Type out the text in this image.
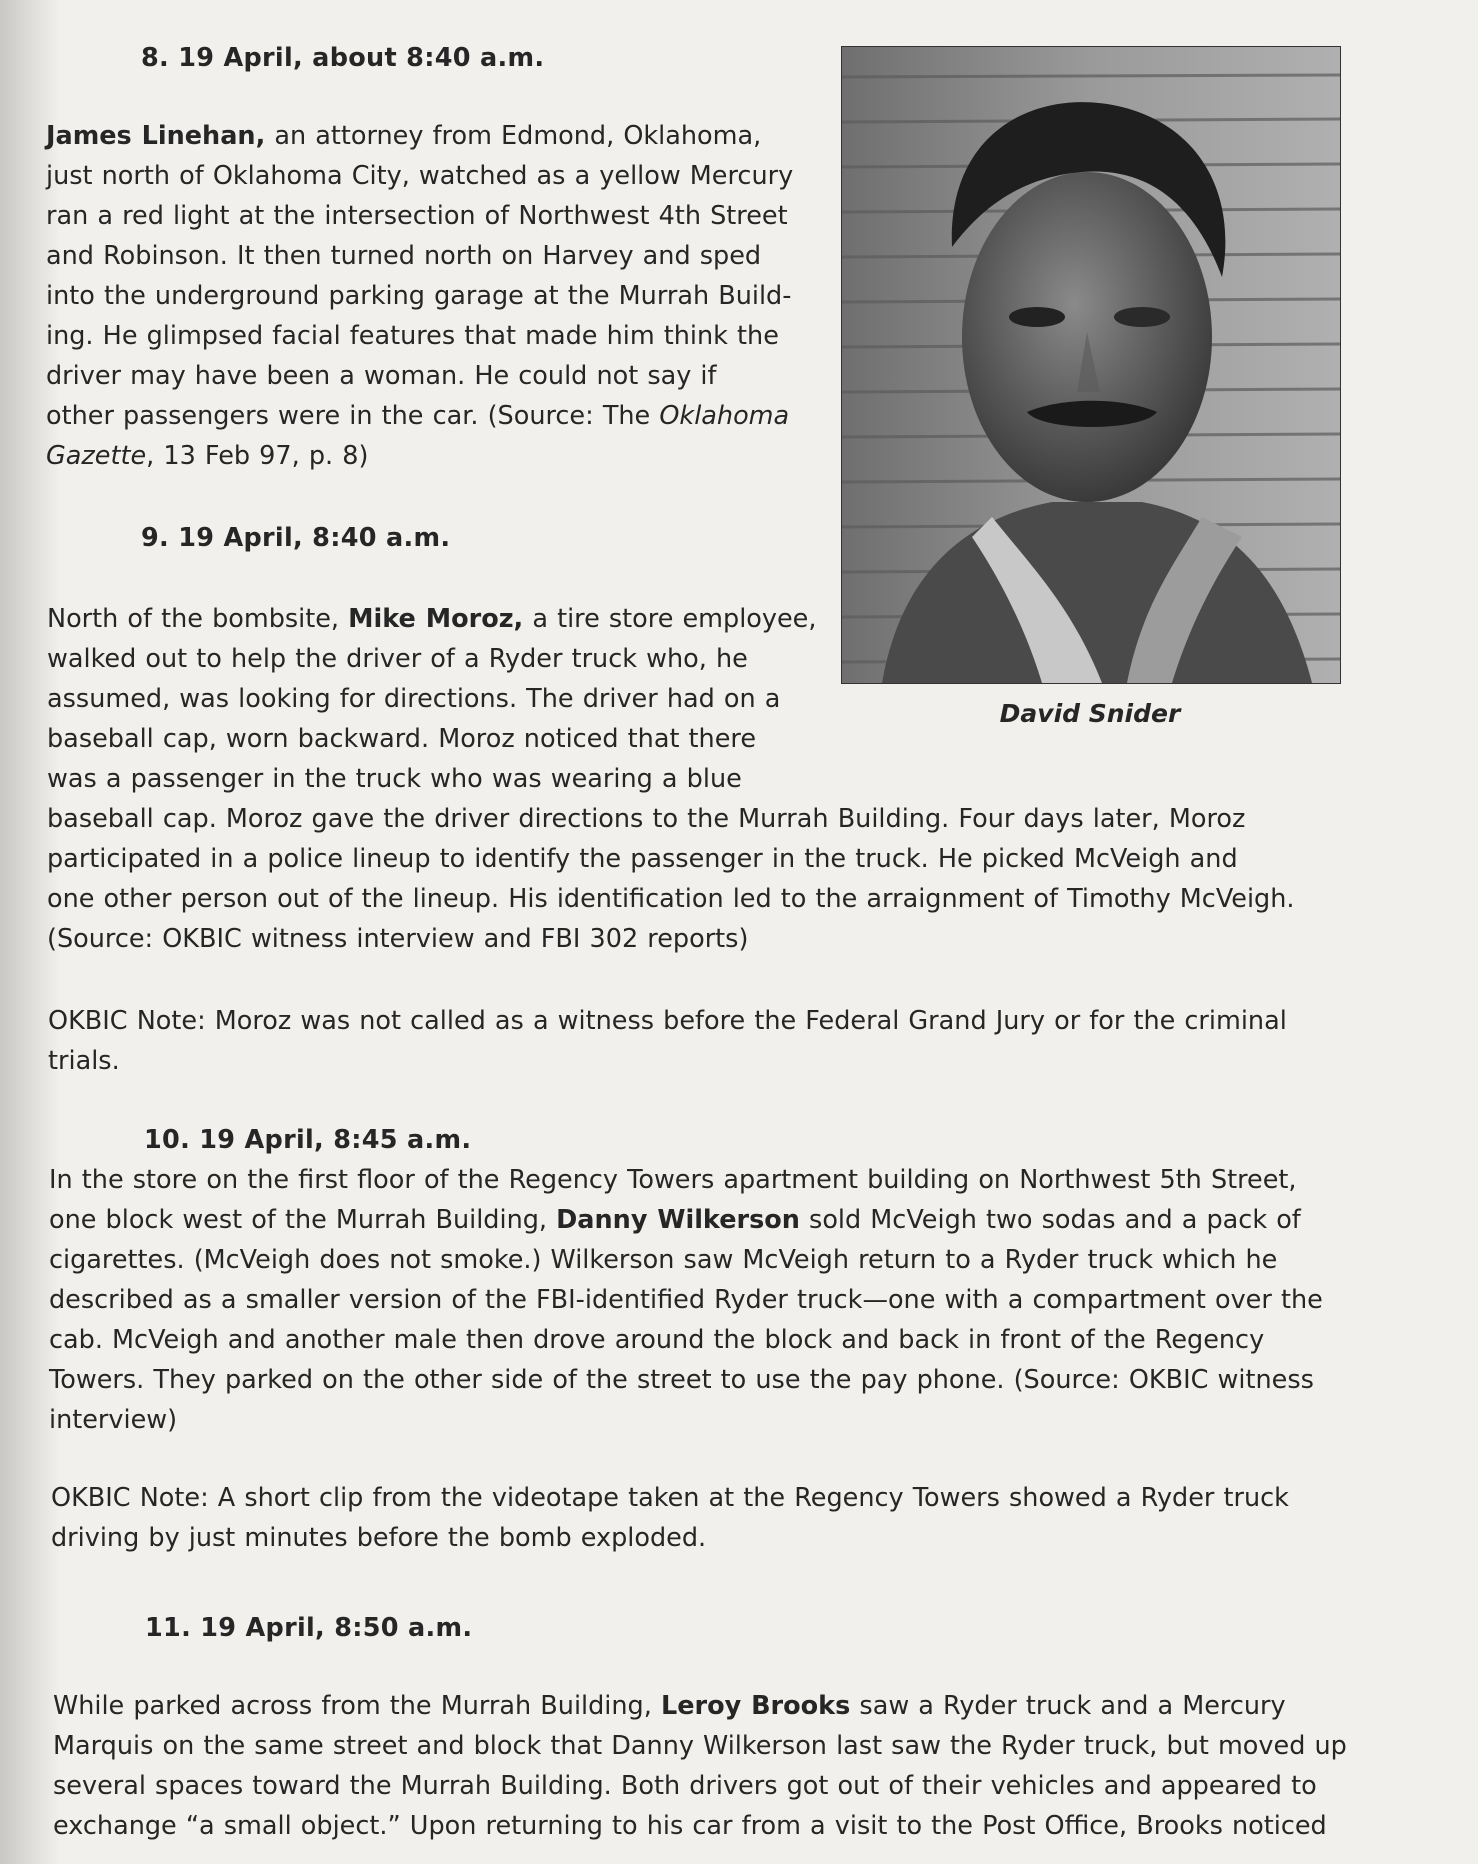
8. 19 April, about 8:40 a.m.

James Linehan, an attorney from Edmond, Oklahoma,
just north of Oklahoma City, watched as a yellow Mercury
ran a red light at the intersection of Northwest 4th Street
and Robinson. It then turned north on Harvey and sped
into the underground parking garage at the Murrah Build-
ing. He glimpsed facial features that made him think the
driver may have been a woman. He could not say if
other passengers were in the car. (Source: The Oklahoma
Gazette, 13 Feb 97, p. 8)

9. 19 April, 8:40 a.m.

North of the bombsite, Mike Moroz, a tire store employee,
walked out to help the driver of a Ryder truck who, he
assumed, was looking for directions. The driver had on a
baseball cap, worn backward. Moroz noticed that there
was a passenger in the truck who was wearing a blue
baseball cap. Moroz gave the driver directions to the Murrah Building. Four days later, Moroz
participated in a police lineup to identify the passenger in the truck. He picked McVeigh and
one other person out of the lineup. His identification led to the arraignment of Timothy McVeigh.
(Source: OKBIC witness interview and FBI 302 reports)

OKBIC Note: Moroz was not called as a witness before the Federal Grand Jury or for the criminal
trials.

10. 19 April, 8:45 a.m.

In the store on the first floor of the Regency Towers apartment building on Northwest 5th Street,
one block west of the Murrah Building, Danny Wilkerson sold McVeigh two sodas and a pack of
cigarettes. (McVeigh does not smoke.) Wilkerson saw McVeigh return to a Ryder truck which he
described as a smaller version of the FBI-identified Ryder truck—one with a compartment over the
cab. McVeigh and another male then drove around the block and back in front of the Regency
Towers. They parked on the other side of the street to use the pay phone. (Source: OKBIC witness
interview)

OKBIC Note: A short clip from the videotape taken at the Regency Towers showed a Ryder truck
driving by just minutes before the bomb exploded.

11. 19 April, 8:50 a.m.

While parked across from the Murrah Building, Leroy Brooks saw a Ryder truck and a Mercury
Marquis on the same street and block that Danny Wilkerson last saw the Ryder truck, but moved up
several spaces toward the Murrah Building. Both drivers got out of their vehicles and appeared to
exchange “a small object.” Upon returning to his car from a visit to the Post Office, Brooks noticed

David Snider
